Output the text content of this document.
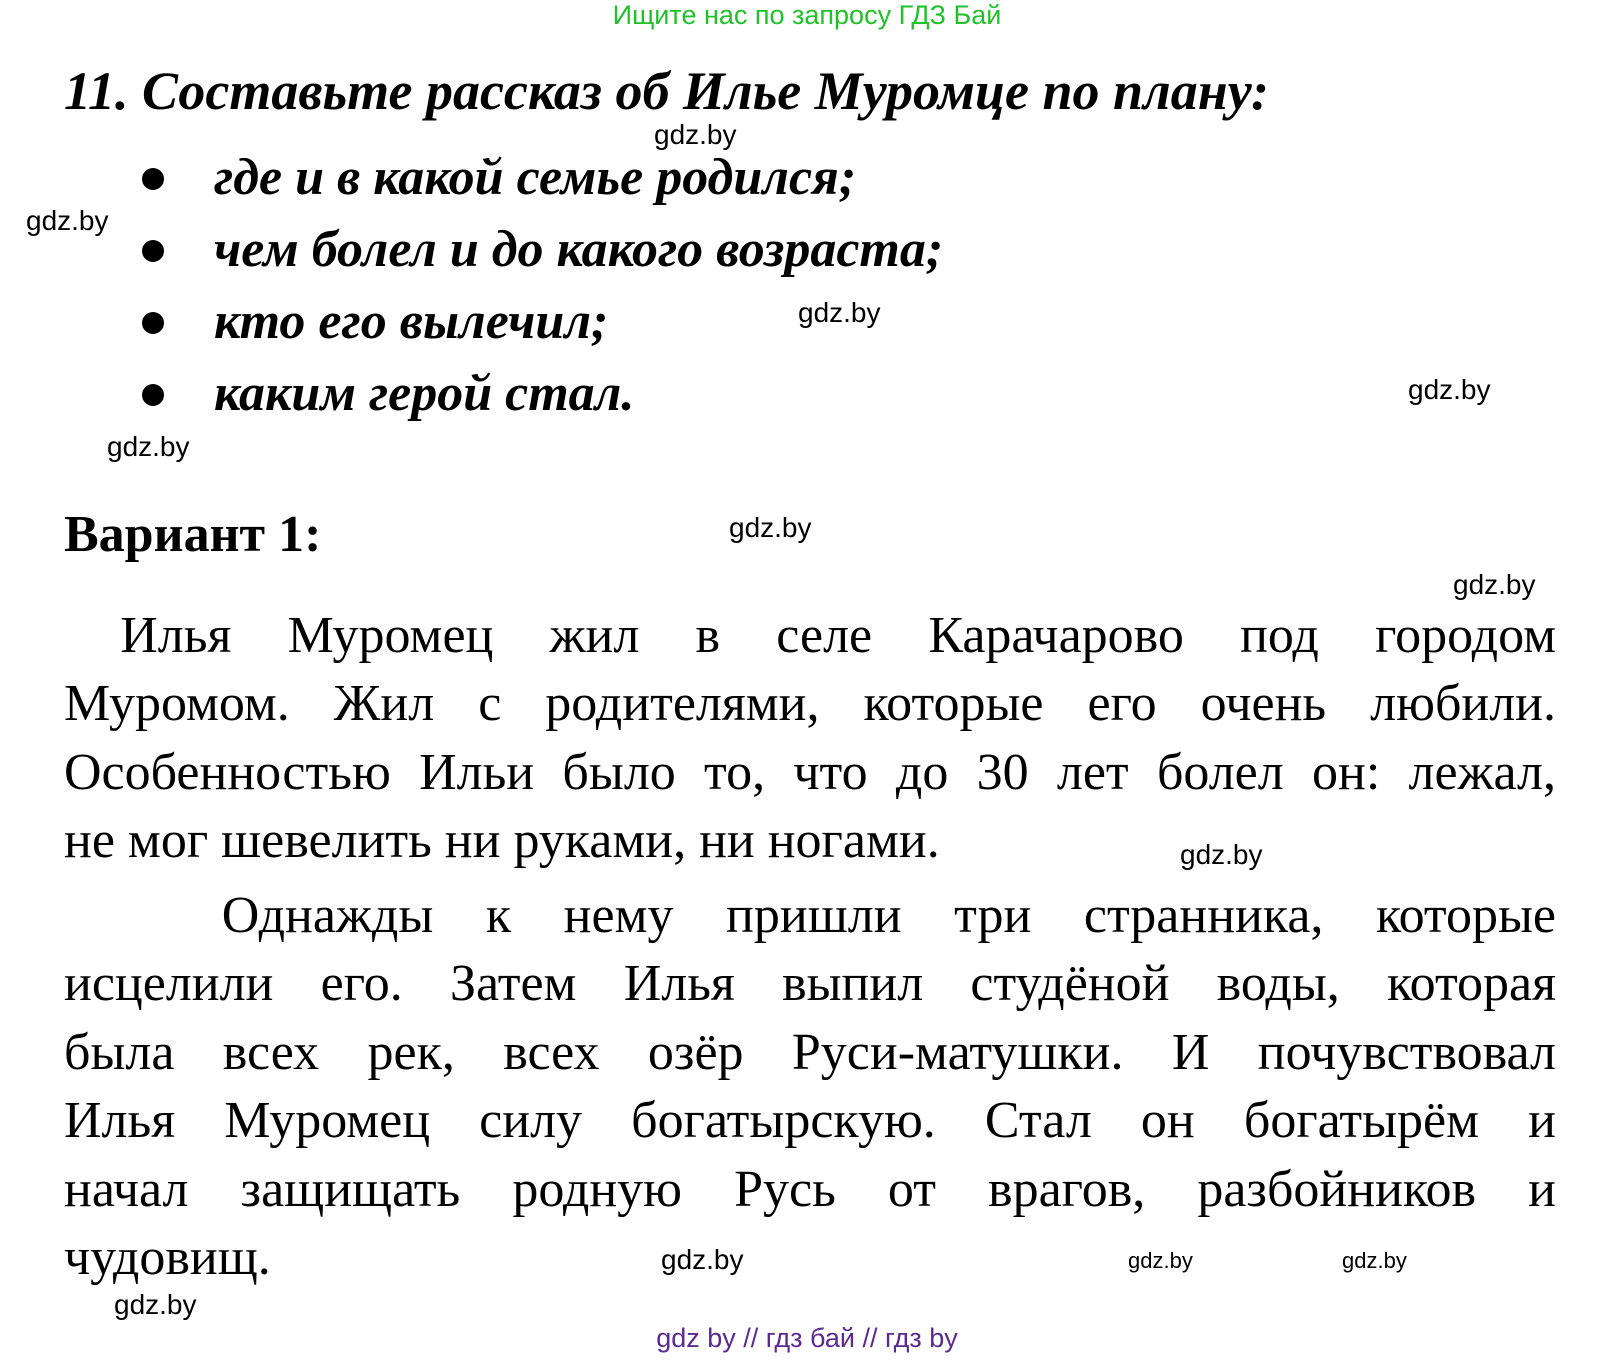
Ищите нас по запросу ГДЗ Бай
11. Составьте рассказ об Илье Муромце по плану:
где и в какой семье родился;
чем болел и до какого возраста;
кто его вылечил;
каким герой стал.
Вариант 1:
Илья Муромец жил в селе Карачарово под городом
Муромом. Жил с родителями, которые его очень любили.
Особенностью Ильи было то, что до 30 лет болел он: лежал,
не мог шевелить ни руками, ни ногами.
Однажды к нему пришли три странника, которые
исцелили его. Затем Илья выпил студёной воды, которая
была всех рек, всех озёр Руси-матушки. И почувствовал
Илья Муромец силу богатырскую. Стал он богатырём и
начал защищать родную Русь от врагов, разбойников и
чудовищ.
gdz.by
gdz.by
gdz.by
gdz.by
gdz.by
gdz.by
gdz.by
gdz.by
gdz.by
gdz.by
gdz.by
gdz.by
gdz by // гдз бай // гдз by
